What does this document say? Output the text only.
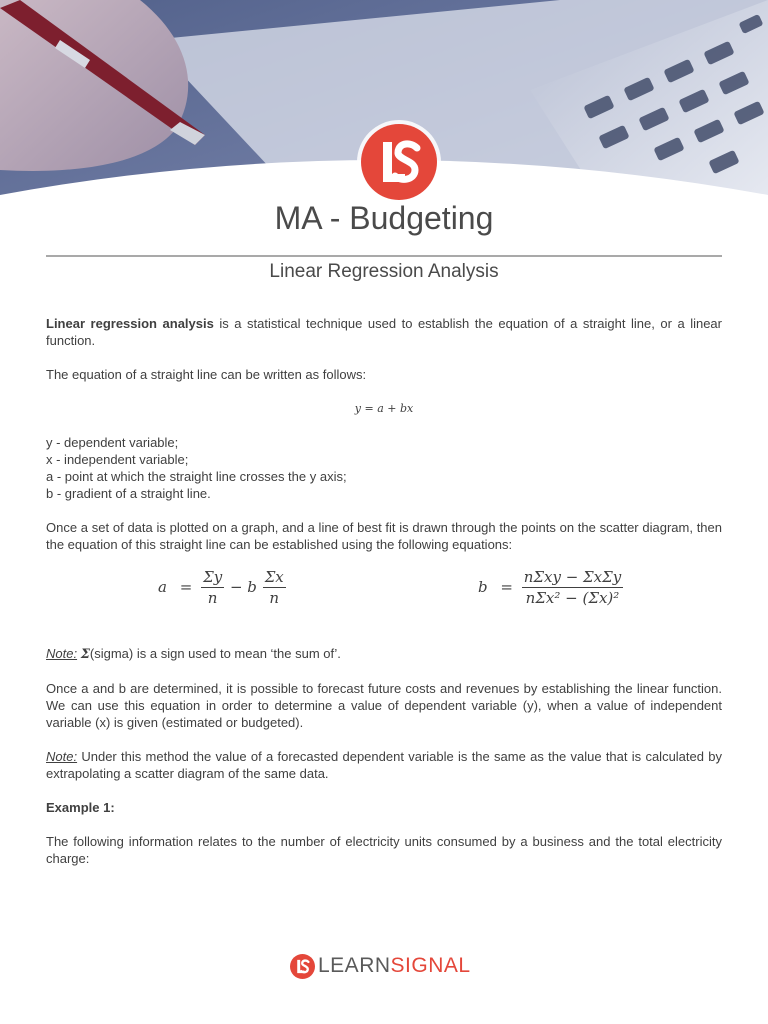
MA - Budgeting
Linear Regression Analysis

Linear regression analysis is a statistical technique used to establish the equation of a straight line, or a linear function.

The equation of a straight line can be written as follows:

y = a + bx

y - dependent variable;
x - independent variable;
a - point at which the straight line crosses the y axis;
b - gradient of a straight line.

Once a set of data is plotted on a graph, and a line of best fit is drawn through the points on the scatter diagram, then the equation of this straight line can be established using the following equations:

$a = \frac{\Sigma y}{n} - b \frac{\Sigma x}{n}$	$b = \frac{\text{nΣxy − ΣxΣy}}{\text{nΣx² − (Σx)²}}$

Note: Σ(sigma) is a sign used to mean ‘the sum of’.

Once a and b are determined, it is possible to forecast future costs and revenues by establishing the linear function. We can use this equation in order to determine a value of dependent variable (y), when a value of independent variable (x) is given (estimated or budgeted).

Note: Under this method the value of a forecasted dependent variable is the same as the value that is calculated by extrapolating a scatter diagram of the same data.

Example 1:

The following information relates to the number of electricity units consumed by a business and the total electricity charge:

LEARNSIGNAL
